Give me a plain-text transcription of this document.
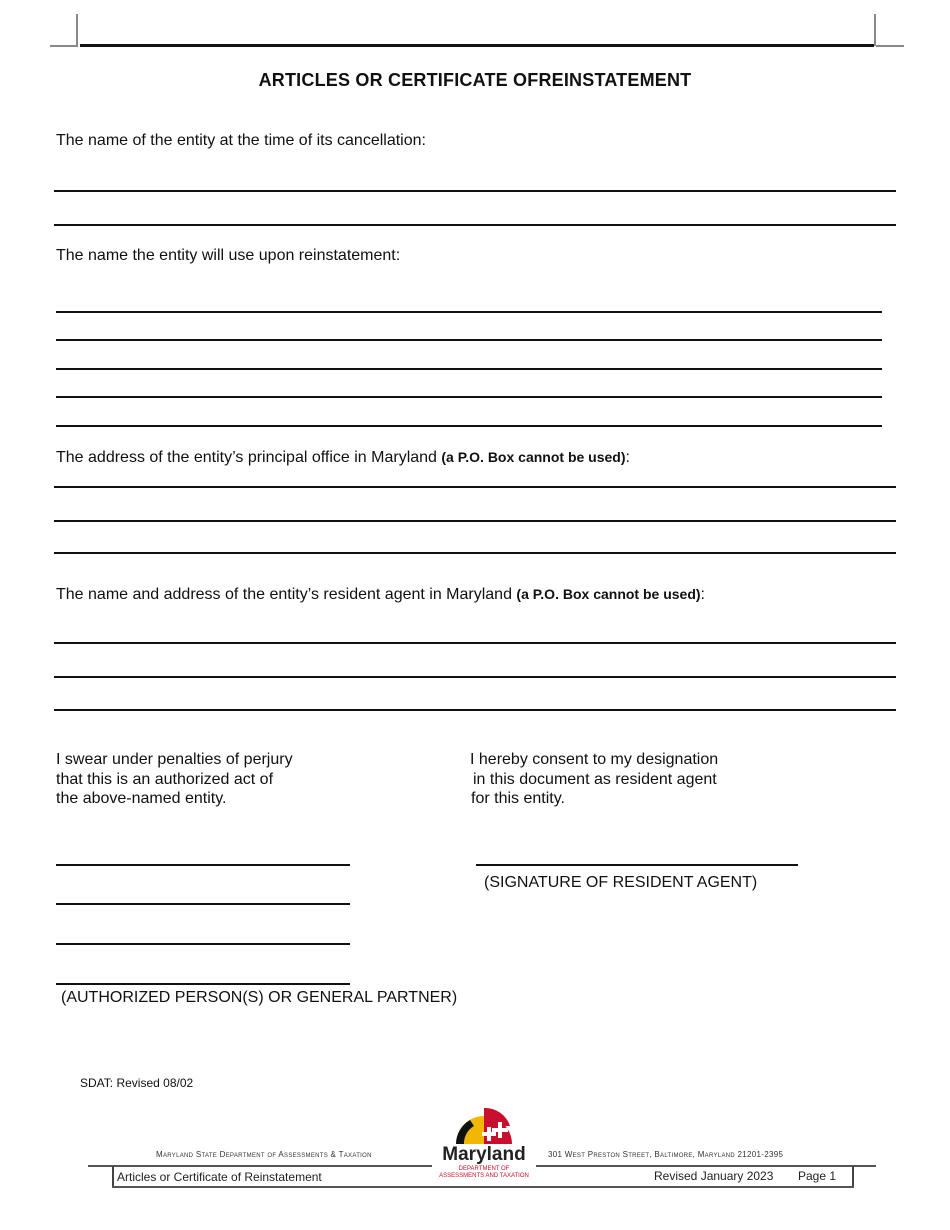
ARTICLES OR CERTIFICATE OFREINSTATEMENT
The name of the entity at the time of its cancellation:
The name the entity will use upon reinstatement:
The address of the entity’s principal office in Maryland (a P.O. Box cannot be used):
The name and address of the entity’s resident agent in Maryland (a P.O. Box cannot be used):
I swear under penalties of perjury
that this is an authorized act of
the above-named entity.
I hereby consent to my designation
in this document as resident agent
for this entity.
(SIGNATURE OF RESIDENT AGENT)
(AUTHORIZED PERSON(S) OR GENERAL PARTNER)
SDAT: Revised 08/02
Maryland
DEPARTMENT OF
ASSESSMENTS AND TAXATION
Maryland State Department of Assessments & Taxation	301 West Preston Street, Baltimore, Maryland 21201-2395
Articles or Certificate of Reinstatement	Revised January 2023 Page 1
